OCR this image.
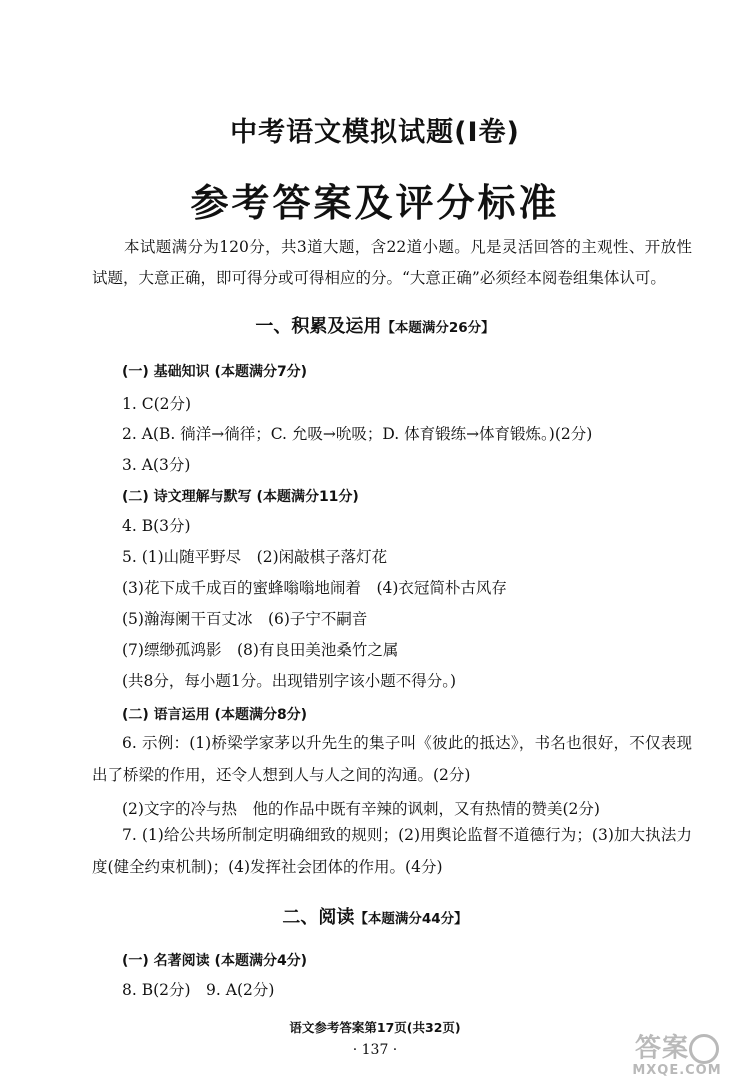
中考语文模拟试题(Ⅰ卷)
参考答案及评分标准
本试题满分为120分，共3道大题，含22道小题。凡是灵活回答的主观性、开放性试题，大意正确，即可得分或可得相应的分。“大意正确”必须经本阅卷组集体认可。
一、积累及运用【本题满分26分】
(一) 基础知识 (本题满分7分)
1. C(2分)
2. A(B. 徜洋→徜徉；C. 允吸→吮吸；D. 体育锻练→体育锻炼。)(2分)
3. A(3分)
(二) 诗文理解与默写 (本题满分11分)
4. B(3分)
5. (1)山随平野尽　(2)闲敲棋子落灯花
(3)花下成千成百的蜜蜂嗡嗡地闹着　(4)衣冠简朴古风存
(5)瀚海阑干百丈冰　(6)子宁不嗣音
(7)缥缈孤鸿影　(8)有良田美池桑竹之属
(共8分，每小题1分。出现错别字该小题不得分。)
(二) 语言运用 (本题满分8分)
6. 示例：(1)桥梁学家茅以升先生的集子叫《彼此的抵达》，书名也很好，不仅表现出了桥梁的作用，还令人想到人与人之间的沟通。(2分)
(2)文字的冷与热　他的作品中既有辛辣的讽刺，又有热情的赞美(2分)
7. (1)给公共场所制定明确细致的规则；(2)用舆论监督不道德行为；(3)加大执法力度(健全约束机制)；(4)发挥社会团体的作用。(4分)
二、阅读【本题满分44分】
(一) 名著阅读 (本题满分4分)
8. B(2分)　9. A(2分)
语文参考答案第17页(共32页)
· 137 ·	答案
MXQE.COM
